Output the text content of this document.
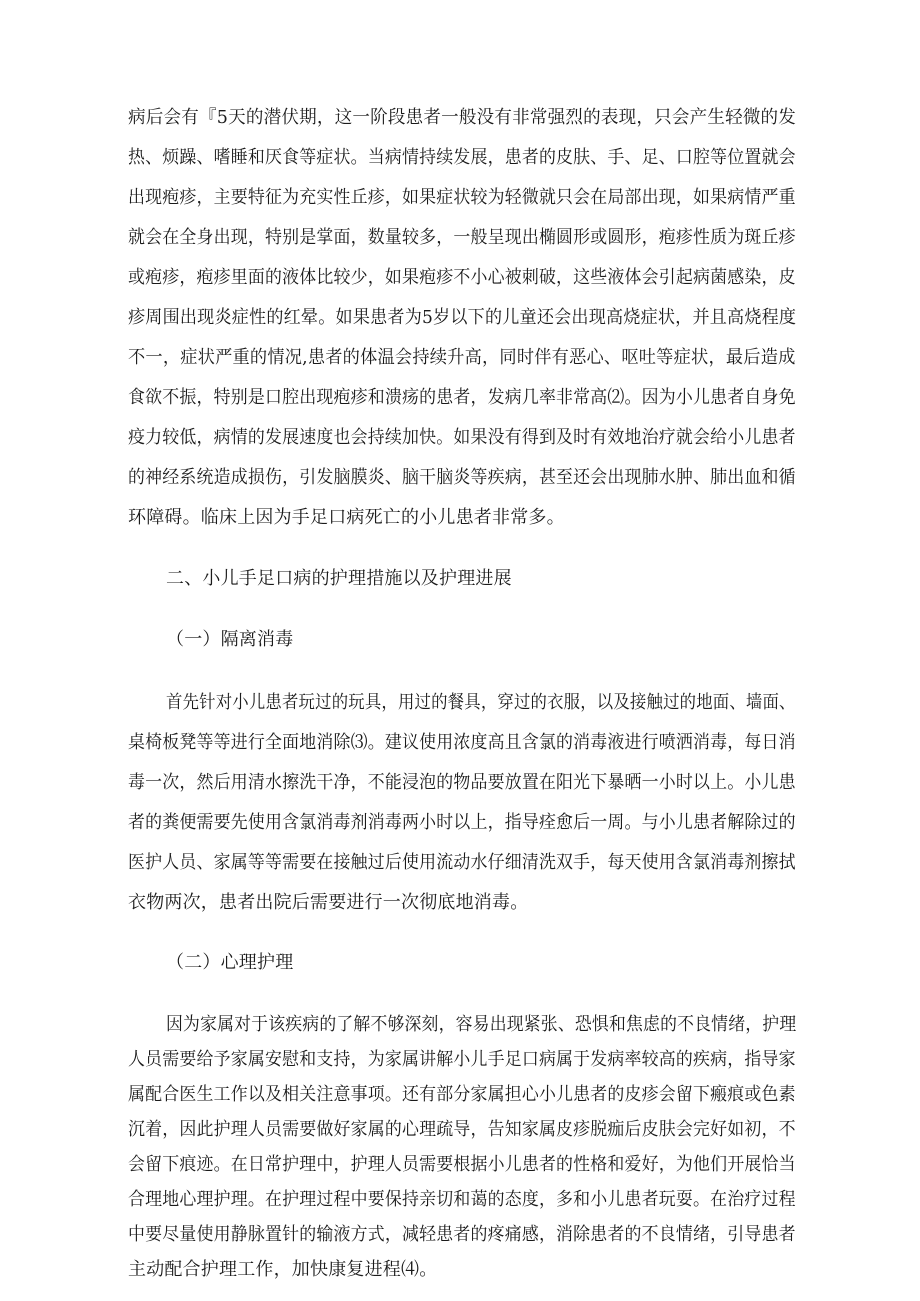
病后会有『5天的潜伏期，这一阶段患者一般没有非常强烈的表现，只会产生轻微的发
热、烦躁、嗜睡和厌食等症状。当病情持续发展，患者的皮肤、手、足、口腔等位置就会
出现疱疹，主要特征为充实性丘疹，如果症状较为轻微就只会在局部出现，如果病情严重
就会在全身出现，特别是掌面，数量较多，一般呈现出椭圆形或圆形，疱疹性质为斑丘疹
或疱疹，疱疹里面的液体比较少，如果疱疹不小心被刺破，这些液体会引起病菌感染，皮
疹周围出现炎症性的红晕。如果患者为5岁以下的儿童还会出现高烧症状，并且高烧程度
不一，症状严重的情况,患者的体温会持续升高，同时伴有恶心、呕吐等症状，最后造成
食欲不振，特别是口腔出现疱疹和溃疡的患者，发病几率非常高⑵。因为小儿患者自身免
疫力较低，病情的发展速度也会持续加快。如果没有得到及时有效地治疗就会给小儿患者
的神经系统造成损伤，引发脑膜炎、脑干脑炎等疾病，甚至还会出现肺水肿、肺出血和循
环障碍。临床上因为手足口病死亡的小儿患者非常多。
二、小儿手足口病的护理措施以及护理进展
（一）隔离消毒
首先针对小儿患者玩过的玩具，用过的餐具，穿过的衣服，以及接触过的地面、墙面、
桌椅板凳等等进行全面地消除⑶。建议使用浓度高且含氯的消毒液进行喷洒消毒，每日消
毒一次，然后用清水擦洗干净，不能浸泡的物品要放置在阳光下暴晒一小时以上。小儿患
者的粪便需要先使用含氯消毒剂消毒两小时以上，指导痊愈后一周。与小儿患者解除过的
医护人员、家属等等需要在接触过后使用流动水仔细清洗双手，每天使用含氯消毒剂擦拭
衣物两次，患者出院后需要进行一次彻底地消毒。
（二）心理护理
因为家属对于该疾病的了解不够深刻，容易出现紧张、恐惧和焦虑的不良情绪，护理
人员需要给予家属安慰和支持，为家属讲解小儿手足口病属于发病率较高的疾病，指导家
属配合医生工作以及相关注意事项。还有部分家属担心小儿患者的皮疹会留下瘢痕或色素
沉着，因此护理人员需要做好家属的心理疏导，告知家属皮疹脱痂后皮肤会完好如初，不
会留下痕迹。在日常护理中，护理人员需要根据小儿患者的性格和爱好，为他们开展恰当
合理地心理护理。在护理过程中要保持亲切和蔼的态度，多和小儿患者玩耍。在治疗过程
中要尽量使用静脉置针的输液方式，减轻患者的疼痛感，消除患者的不良情绪，引导患者
主动配合护理工作，加快康复进程⑷。
